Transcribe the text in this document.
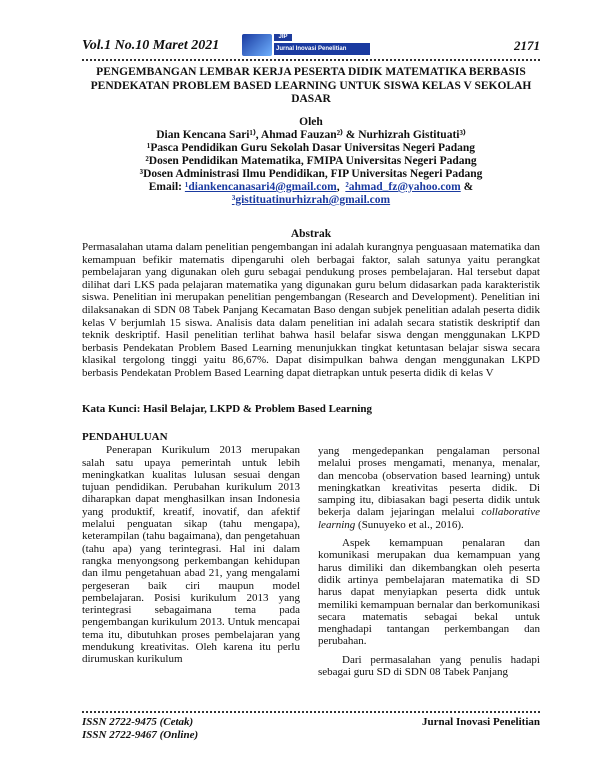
Vol.1 No.10 Maret 2021
JIP
Jurnal Inovasi Penelitian	2171
PENGEMBANGAN LEMBAR KERJA PESERTA DIDIK MATEMATIKA BERBASIS
PENDEKATAN PROBLEM BASED LEARNING UNTUK SISWA KELAS V SEKOLAH
DASAR
Oleh
Dian Kencana Sari¹⁾, Ahmad Fauzan²⁾ & Nurhizrah Gistituati³⁾
¹Pasca Pendidikan Guru Sekolah Dasar Universitas Negeri Padang
²Dosen Pendidikan Matematika, FMIPA Universitas Negeri Padang
³Dosen Administrasi Ilmu Pendidikan, FIP Universitas Negeri Padang
Email: ¹diankencanasari4@gmail.com,  ²ahmad_fz@yahoo.com &
³gistituatinurhizrah@gmail.com
Abstrak
Permasalahan utama dalam penelitian pengembangan ini adalah kurangnya penguasaan matematika dan kemampuan befikir matematis dipengaruhi oleh berbagai faktor, salah satunya yaitu perangkat pembelajaran yang digunakan oleh guru sebagai pendukung proses pembelajaran. Hal tersebut dapat dilihat dari LKS pada pelajaran matematika yang digunakan guru belum didasarkan pada karakteristik siswa. Penelitian ini merupakan penelitian pengembangan (Research and Development). Penelitian ini dilaksanakan di SDN 08 Tabek Panjang Kecamatan Baso dengan subjek penelitian adalah peserta didik kelas V berjumlah 15 siswa. Analisis data dalam penelitian ini adalah secara statistik deskriptif dan teknik deskriptif. Hasil penelitian terlihat bahwa hasil belafar siswa dengan menggunakan LKPD berbasis Pendekatan Problem Based Learning menunjukkan tingkat ketuntasan belajar siswa secara klasikal tergolong tinggi yaitu 86,67%. Dapat disimpulkan bahwa dengan menggunakan LKPD berbasis Pendekatan Problem Based Learning dapat dietrapkan untuk peserta didik di kelas V
Kata Kunci: Hasil Belajar, LKPD & Problem Based Learning
PENDAHULUAN

Penerapan Kurikulum 2013 merupakan salah satu upaya pemerintah untuk lebih meningkatkan kualitas lulusan sesuai dengan tujuan pendidikan. Perubahan kurikulum 2013 diharapkan dapat menghasilkan insan Indonesia yang produktif, kreatif, inovatif, dan afektif melalui penguatan sikap (tahu mengapa), keterampilan (tahu bagaimana), dan pengetahuan (tahu apa) yang terintegrasi. Hal ini dalam rangka menyongsong perkembangan kehidupan dan ilmu pengetahuan abad 21, yang mengalami pergeseran baik ciri maupun model pembelajaran. Posisi kurikulum 2013 yang terintegrasi sebagaimana tema pada pengembangan kurikulum 2013. Untuk mencapai tema itu, dibutuhkan proses pembelajaran yang mendukung kreativitas. Oleh karena itu perlu dirumuskan kurikulum

yang mengedepankan pengalaman personal melalui proses mengamati, menanya, menalar, dan mencoba (observation based learning) untuk meningkatkan kreativitas peserta didik. Di samping itu, dibiasakan bagi peserta didik untuk bekerja dalam jejaringan melalui collaborative learning (Sunuyeko et al., 2016).

Aspek kemampuan penalaran dan komunikasi merupakan dua kemampuan yang harus dimiliki dan dikembangkan oleh peserta didik artinya pembelajaran matematika di SD harus dapat menyiapkan peserta didk untuk memiliki kemampuan bernalar dan berkomunikasi secara matematis sebagai bekal untuk menghadapi tantangan perkembangan dan perubahan.

Dari permasalahan yang penulis hadapi sebagai guru SD di SDN 08 Tabek Panjang

ISSN 2722-9475 (Cetak)
ISSN 2722-9467 (Online)
Jurnal Inovasi Penelitian
